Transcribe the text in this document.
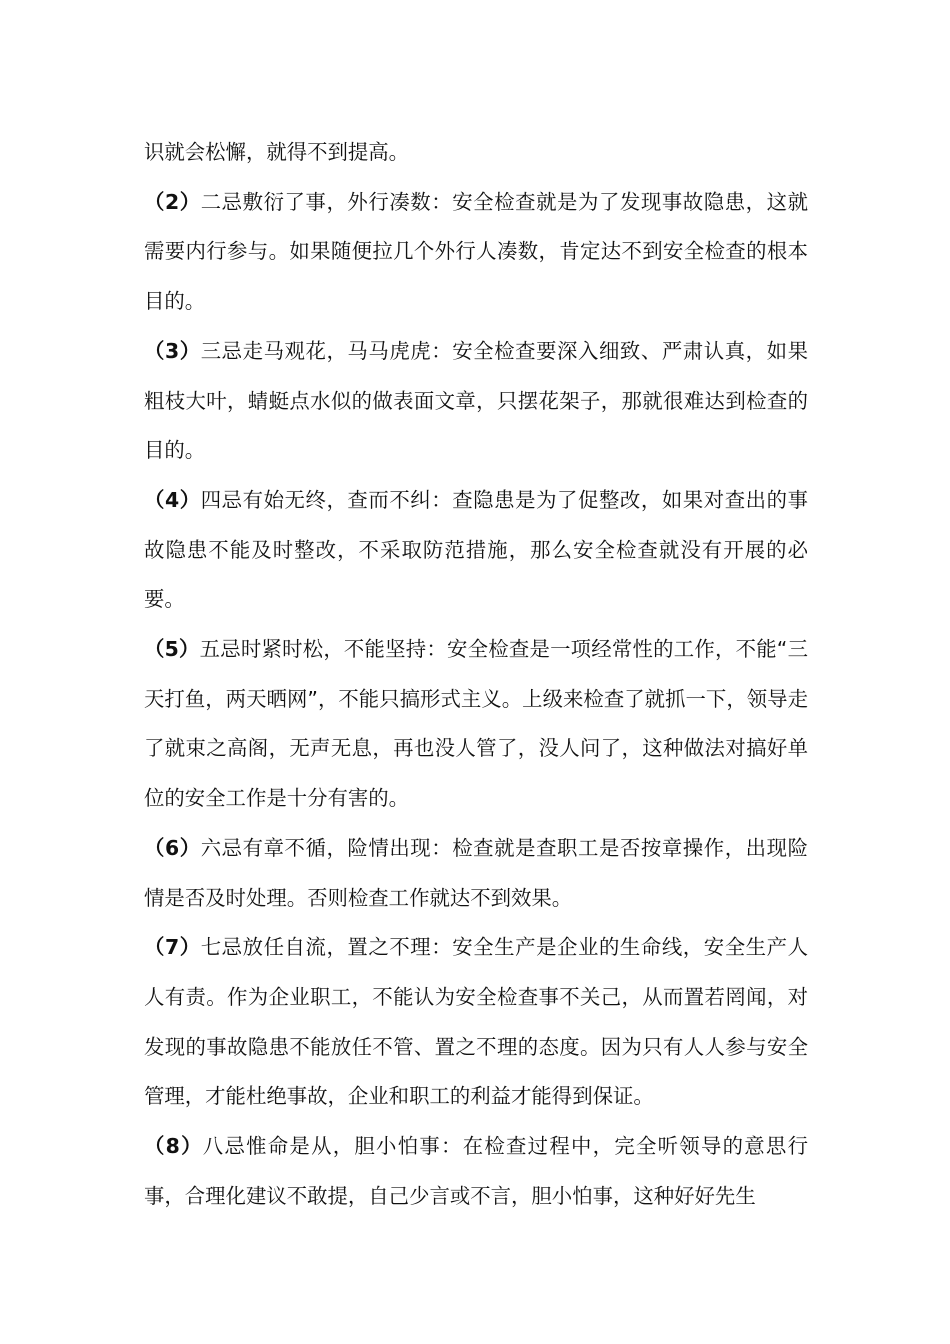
识就会松懈，就得不到提高。

（2）二忌敷衍了事，外行凑数：安全检查就是为了发现事故隐患，这就需要内行参与。如果随便拉几个外行人凑数，肯定达不到安全检查的根本目的。

（3）三忌走马观花，马马虎虎：安全检查要深入细致、严肃认真，如果粗枝大叶，蜻蜓点水似的做表面文章，只摆花架子，那就很难达到检查的目的。

（4）四忌有始无终，查而不纠：查隐患是为了促整改，如果对查出的事故隐患不能及时整改，不采取防范措施，那么安全检查就没有开展的必要。

（5）五忌时紧时松，不能坚持：安全检查是一项经常性的工作，不能“三天打鱼，两天晒网”，不能只搞形式主义。上级来检查了就抓一下，领导走了就束之高阁，无声无息，再也没人管了，没人问了，这种做法对搞好单位的安全工作是十分有害的。

（6）六忌有章不循，险情出现：检查就是查职工是否按章操作，出现险情是否及时处理。否则检查工作就达不到效果。

（7）七忌放任自流，置之不理：安全生产是企业的生命线，安全生产人人有责。作为企业职工，不能认为安全检查事不关己，从而置若罔闻，对发现的事故隐患不能放任不管、置之不理的态度。因为只有人人参与安全管理，才能杜绝事故，企业和职工的利益才能得到保证。

（8）八忌惟命是从，胆小怕事：在检查过程中，完全听领导的意思行事，合理化建议不敢提，自己少言或不言，胆小怕事，这种好好先生
